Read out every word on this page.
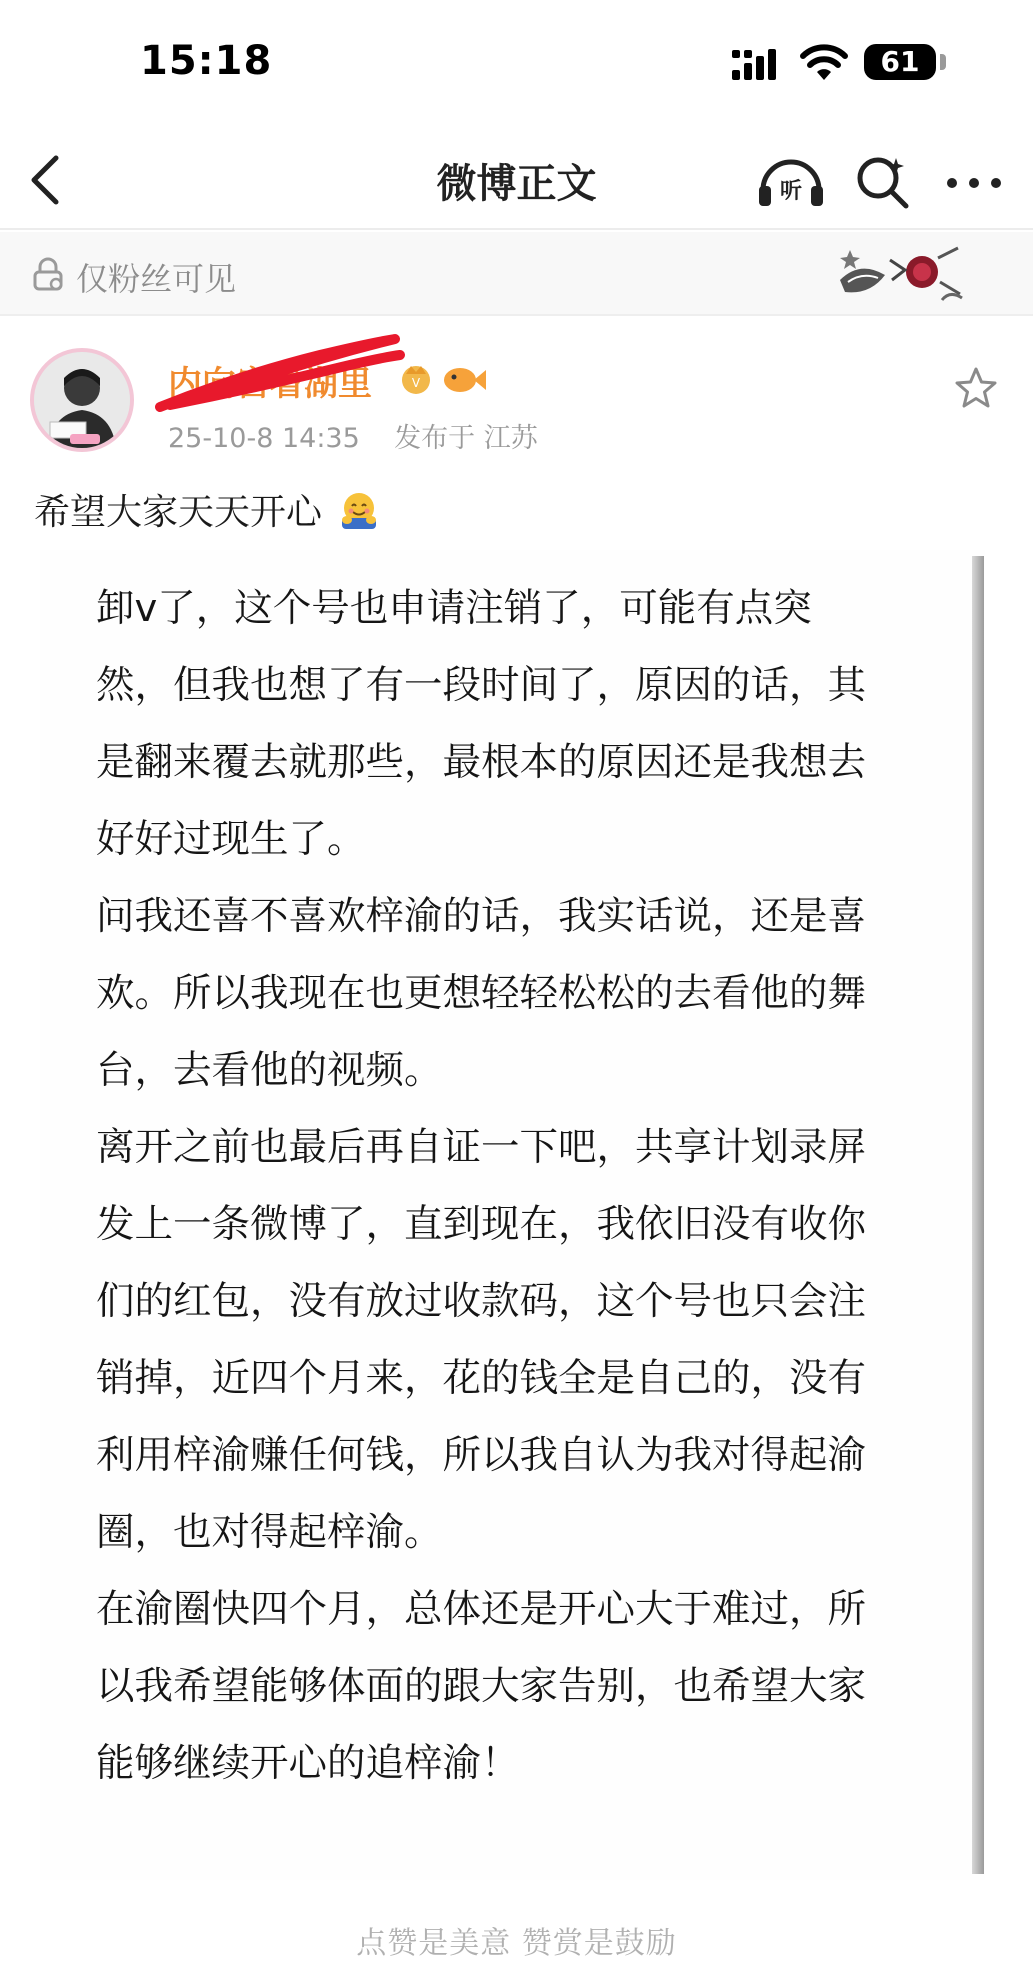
15:18	61
微博正文	听
仅粉丝可见
内向宫看湖里	V
25-10-8 14:35 发布于 江苏
希望大家天天开心

卸v了，这个号也申请注销了，可能有点突
然，但我也想了有一段时间了，原因的话，其
是翻来覆去就那些，最根本的原因还是我想去
好好过现生了。

问我还喜不喜欢梓渝的话，我实话说，还是喜
欢。所以我现在也更想轻轻松松的去看他的舞
台，去看他的视频。

离开之前也最后再自证一下吧，共享计划录屏
发上一条微博了，直到现在，我依旧没有收你
们的红包，没有放过收款码，这个号也只会注
销掉，近四个月来，花的钱全是自己的，没有
利用梓渝赚任何钱，所以我自认为我对得起渝
圈，也对得起梓渝。

在渝圈快四个月，总体还是开心大于难过，所
以我希望能够体面的跟大家告别，也希望大家
能够继续开心的追梓渝！

点赞是美意 赞赏是鼓励
